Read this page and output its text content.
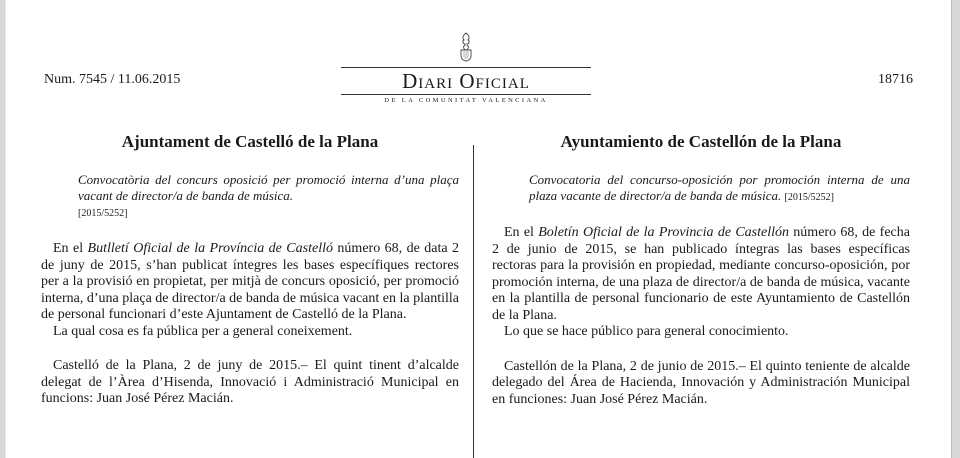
Num. 7545 / 11.06.2015	Diari Oficial
DE LA COMUNITAT VALENCIANA
18716
Ajuntament de Castelló de la Plana
Convocatòria del concurs oposició per promoció interna d’una plaça vacant de director/a de banda de música.
[2015/5252]

En el Butlletí Oficial de la Província de Castelló número 68, de data 2 de juny de 2015, s’han publicat íntegres les bases específiques rectores per a la provisió en propietat, per mitjà de concurs oposició, per promoció interna, d’una plaça de director/a de banda de música vacant en la plantilla de personal funcionari d’este Ajuntament de Castelló de la Plana.

La qual cosa es fa pública per a general coneixement.

Castelló de la Plana, 2 de juny de 2015.– El quint tinent d’alcalde delegat de l’Àrea d’Hisenda, Innovació i Administració Municipal en funcions: Juan José Pérez Macián.
Ayuntamiento de Castellón de la Plana
Convocatoria del concurso-oposición por promoción interna de una plaza vacante de director/a de banda de música. [2015/5252]

En el Boletín Oficial de la Provincia de Castellón número 68, de fecha 2 de junio de 2015, se han publicado íntegras las bases específicas rectoras para la provisión en propiedad, mediante concurso-oposición, por promoción interna, de una plaza de director/a de banda de música, vacante en la plantilla de personal funcionario de este Ayuntamiento de Castellón de la Plana.

Lo que se hace público para general conocimiento.

Castellón de la Plana, 2 de junio de 2015.– El quinto teniente de alcalde delegado del Área de Hacienda, Innovación y Administración Municipal en funciones: Juan José Pérez Macián.
